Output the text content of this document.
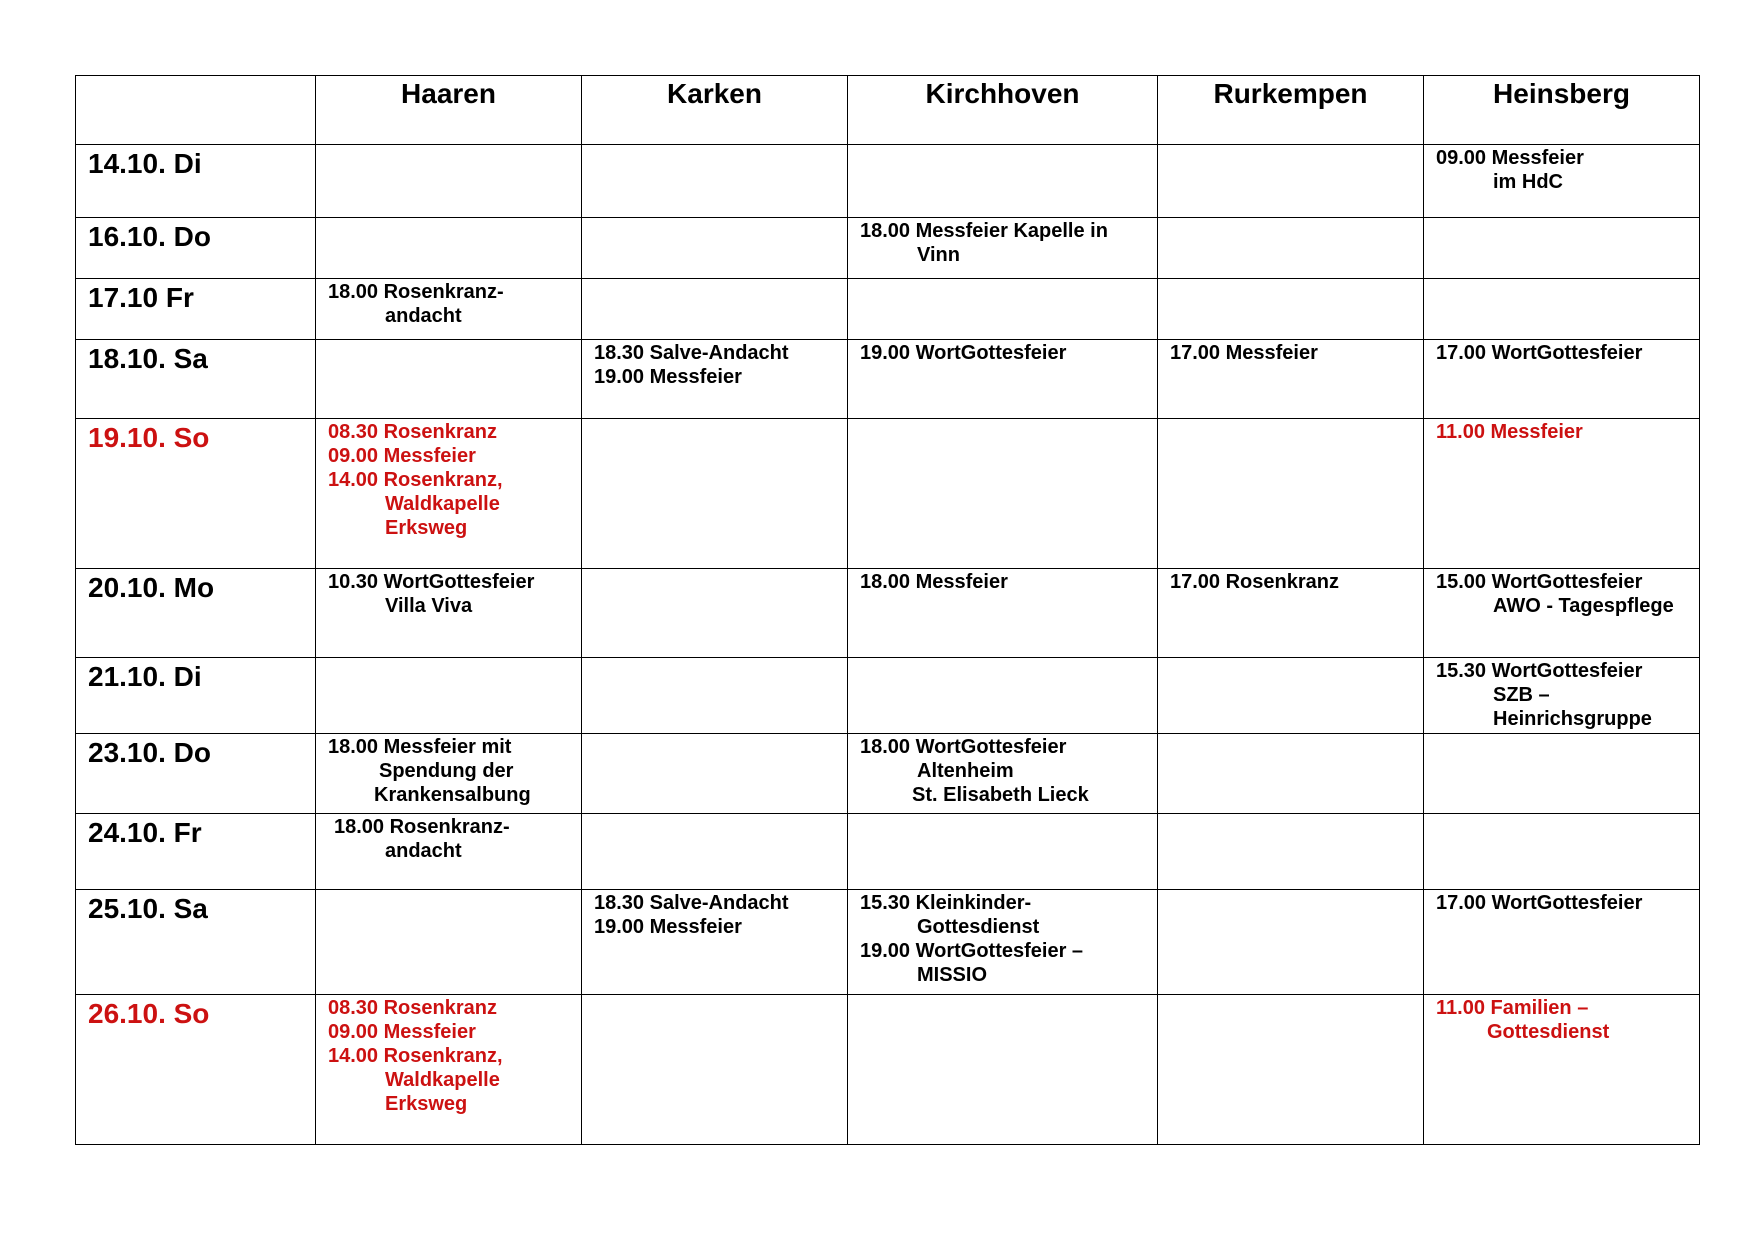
	Haaren	Karken	Kirchhoven	Rurkempen	Heinsberg
14.10. Di					09.00 Messfeier
im HdC

16.10. Do			18.00 Messfeier Kapelle in
Vinn		

17.10 Fr	18.00 Rosenkranz-
andacht				

18.10. Sa		18.30 Salve-Andacht
19.00 Messfeier	19.00 WortGottesfeier	17.00 Messfeier	17.00 WortGottesfeier

19.10. So	08.30 Rosenkranz
09.00 Messfeier
14.00 Rosenkranz,
Waldkapelle
Erksweg				11.00 Messfeier

20.10. Mo	10.30 WortGottesfeier
Villa Viva		18.00 Messfeier	17.00 Rosenkranz	15.00 WortGottesfeier
AWO - Tagespflege

21.10. Di					15.30 WortGottesfeier
SZB –
Heinrichsgruppe

23.10. Do	18.00 Messfeier mit
Spendung der
Krankensalbung		18.00 WortGottesfeier
Altenheim
St. Elisabeth Lieck		

24.10. Fr	18.00 Rosenkranz-
andacht				

25.10. Sa		18.30 Salve-Andacht
19.00 Messfeier	15.30 Kleinkinder-
Gottesdienst
19.00 WortGottesfeier –
MISSIO		17.00 WortGottesfeier

26.10. So	08.30 Rosenkranz
09.00 Messfeier
14.00 Rosenkranz,
Waldkapelle
Erksweg				11.00 Familien –
Gottesdienst
